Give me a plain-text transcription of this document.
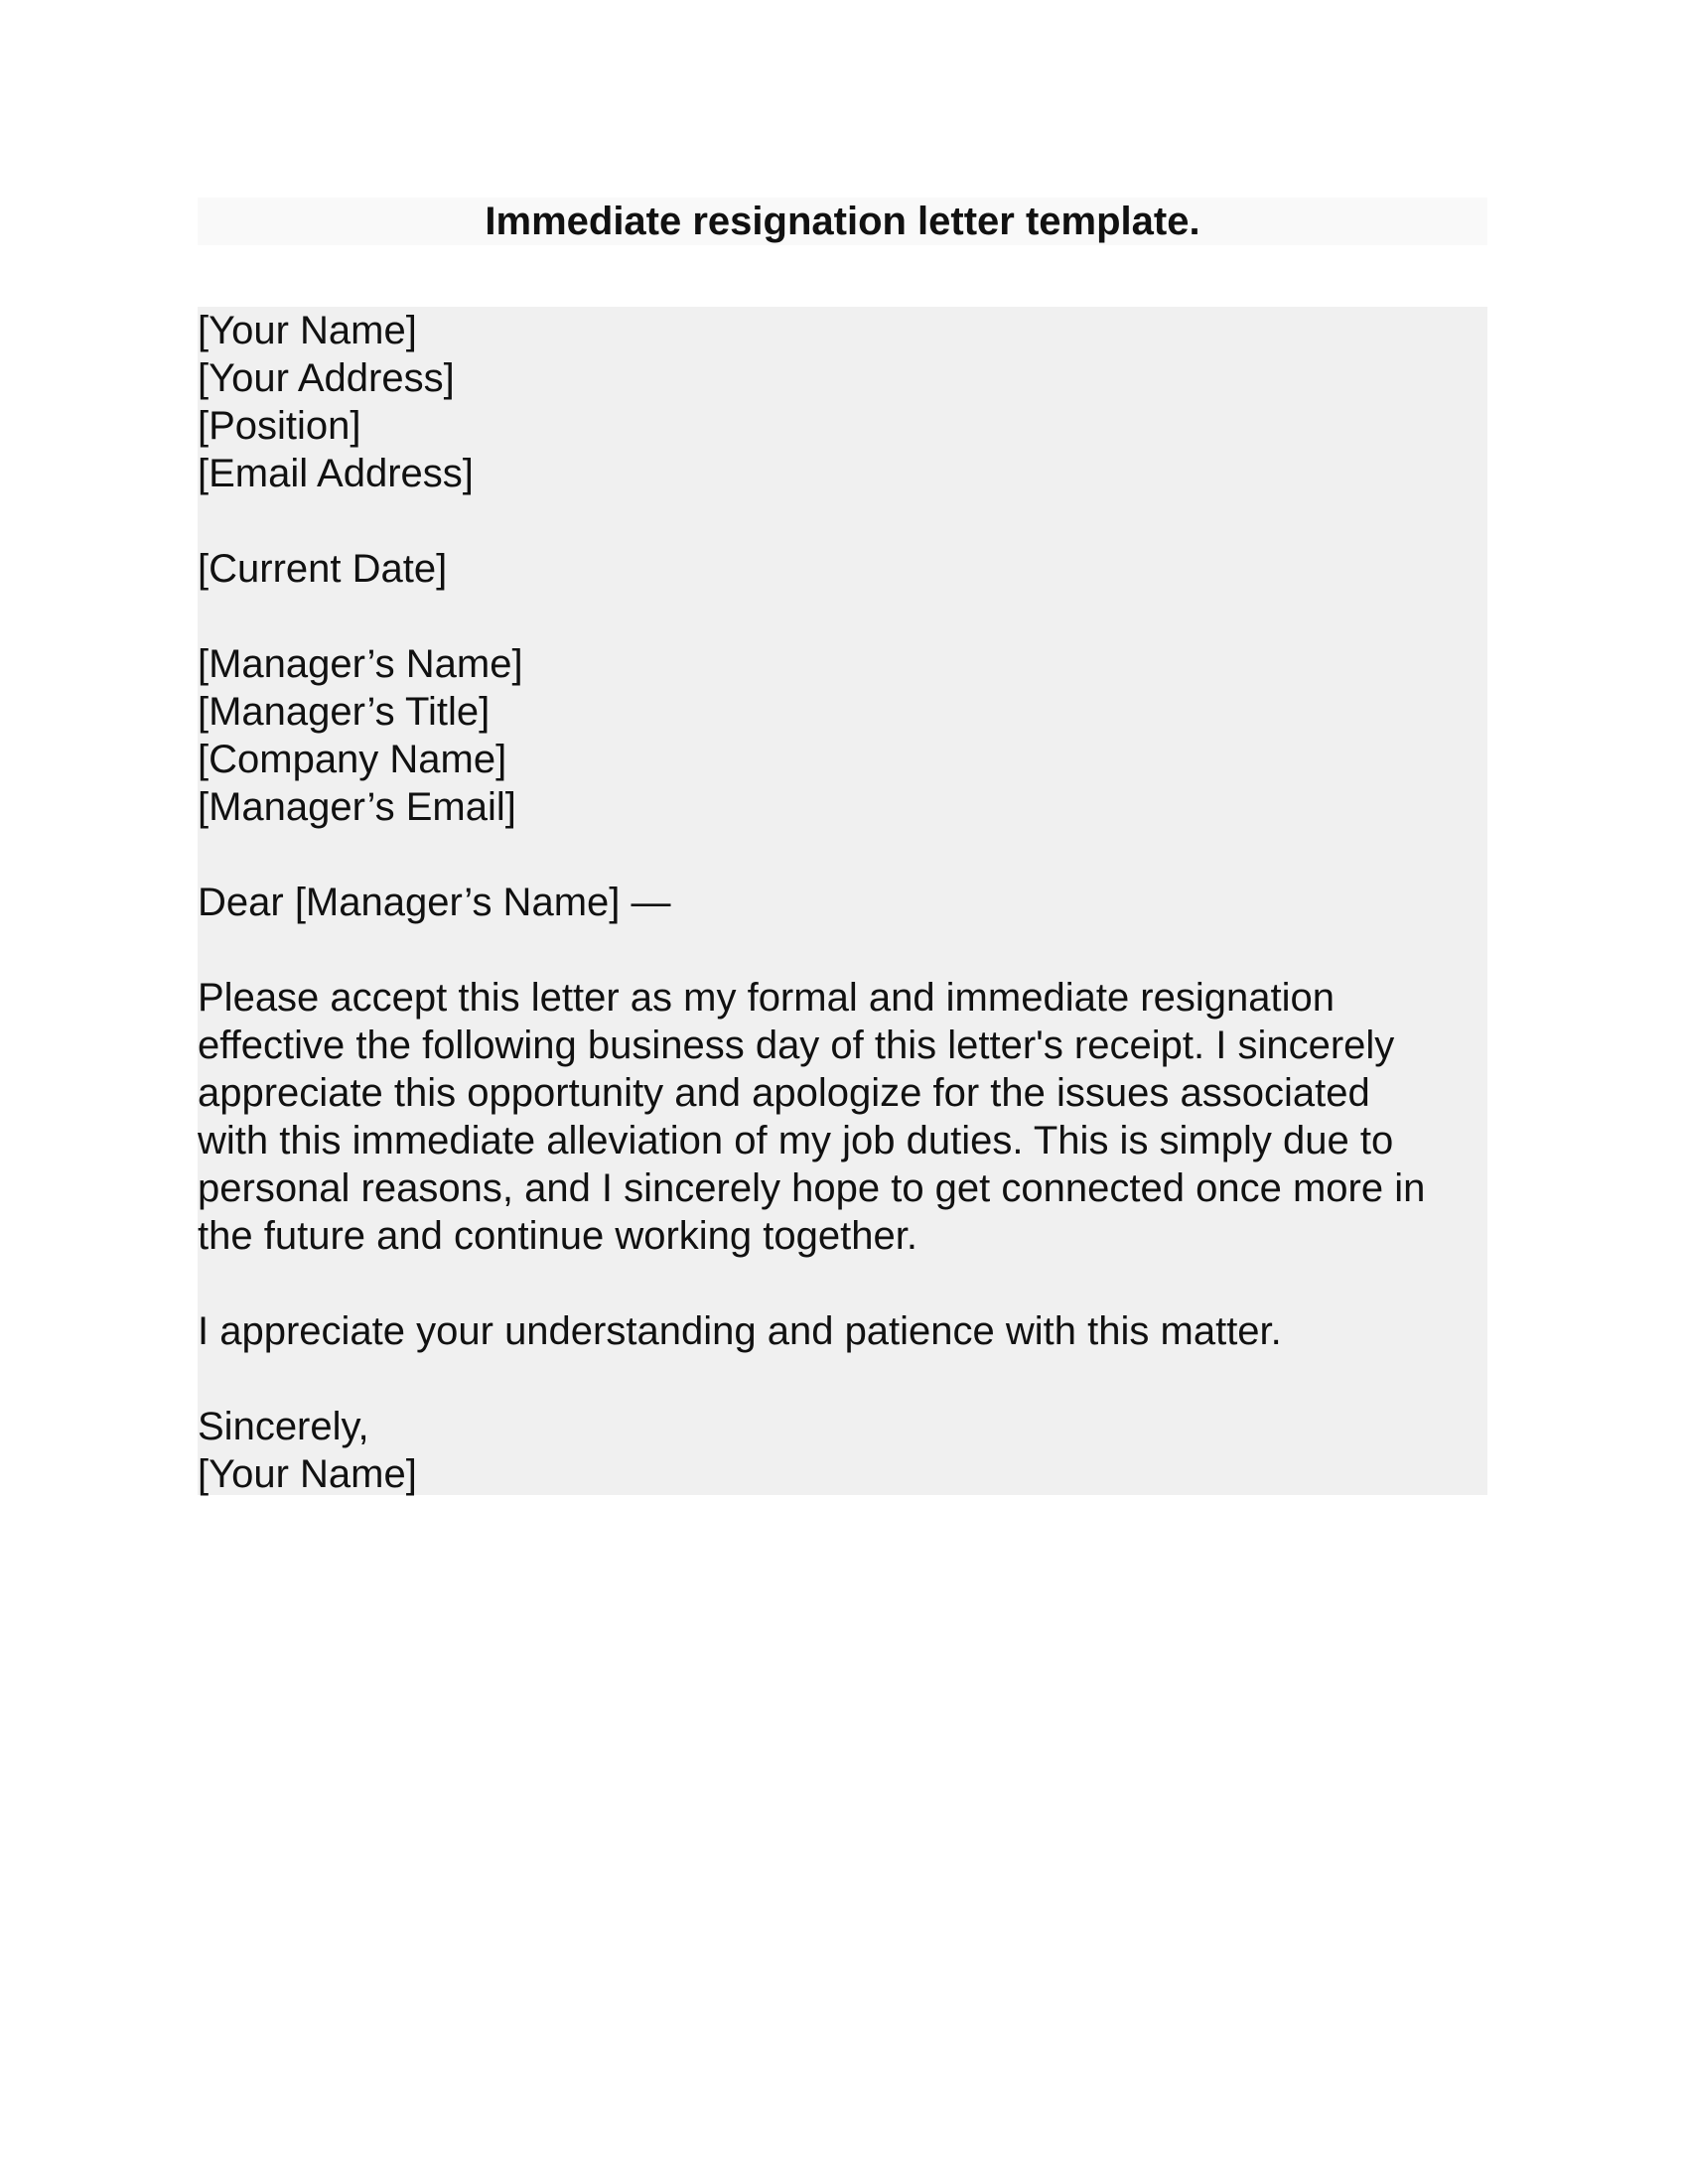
Immediate resignation letter template.
[Your Name]
[Your Address]
[Position]
[Email Address]
[Current Date]
[Manager’s Name]
[Manager’s Title]
[Company Name]
[Manager’s Email]
Dear [Manager’s Name] —
Please accept this letter as my formal and immediate resignation
effective the following business day of this letter's receipt. I sincerely
appreciate this opportunity and apologize for the issues associated
with this immediate alleviation of my job duties. This is simply due to
personal reasons, and I sincerely hope to get connected once more in
the future and continue working together.
I appreciate your understanding and patience with this matter.
Sincerely,
[Your Name]
